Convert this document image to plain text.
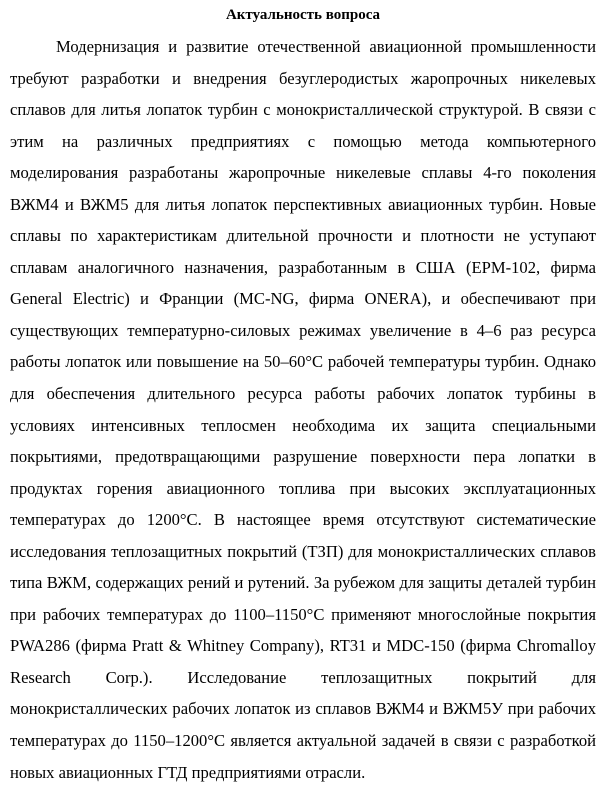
Актуальность вопроса

Модернизация и развитие отечественной авиационной промышленности требуют разработки и внедрения безуглеродистых жаропрочных никелевых сплавов для литья лопаток турбин с монокристаллической структурой. В связи с этим на различных предприятиях с помощью метода компьютерного моделирования разработаны жаропрочные никелевые сплавы 4-го поколения ВЖМ4 и ВЖМ5 для литья лопаток перспективных авиационных турбин. Новые сплавы по характеристикам длительной прочности и плотности не уступают сплавам аналогичного назначения, разработанным в США (EPM-102, фирма General Electric) и Франции (MC-NG, фирма ONERA), и обеспечивают при существующих температурно-силовых режимах увеличение в 4–6 раз ресурса работы лопаток или повышение на 50–60°С рабочей температуры турбин. Однако для обеспечения длительного ресурса работы рабочих лопаток турбины в условиях интенсивных теплосмен необходима их защита специальными покрытиями, предотвращающими разрушение поверхности пера лопатки в продуктах горения авиационного топлива при высоких эксплуатационных температурах до 1200°С. В настоящее время отсутствуют систематические исследования теплозащитных покрытий (ТЗП) для монокристаллических сплавов типа ВЖМ, содержащих рений и рутений. За рубежом для защиты деталей турбин при рабочих температурах до 1100–1150°С применяют многослойные покрытия PWA286 (фирма Pratt & Whitney Company), RT31 и MDC-150 (фирма Chromalloy Research Corp.). Исследование теплозащитных покрытий для монокристаллических рабочих лопаток из сплавов ВЖМ4 и ВЖМ5У при рабочих температурах до 1150–1200°С является актуальной задачей в связи с разработкой новых авиационных ГТД предприятиями отрасли.
